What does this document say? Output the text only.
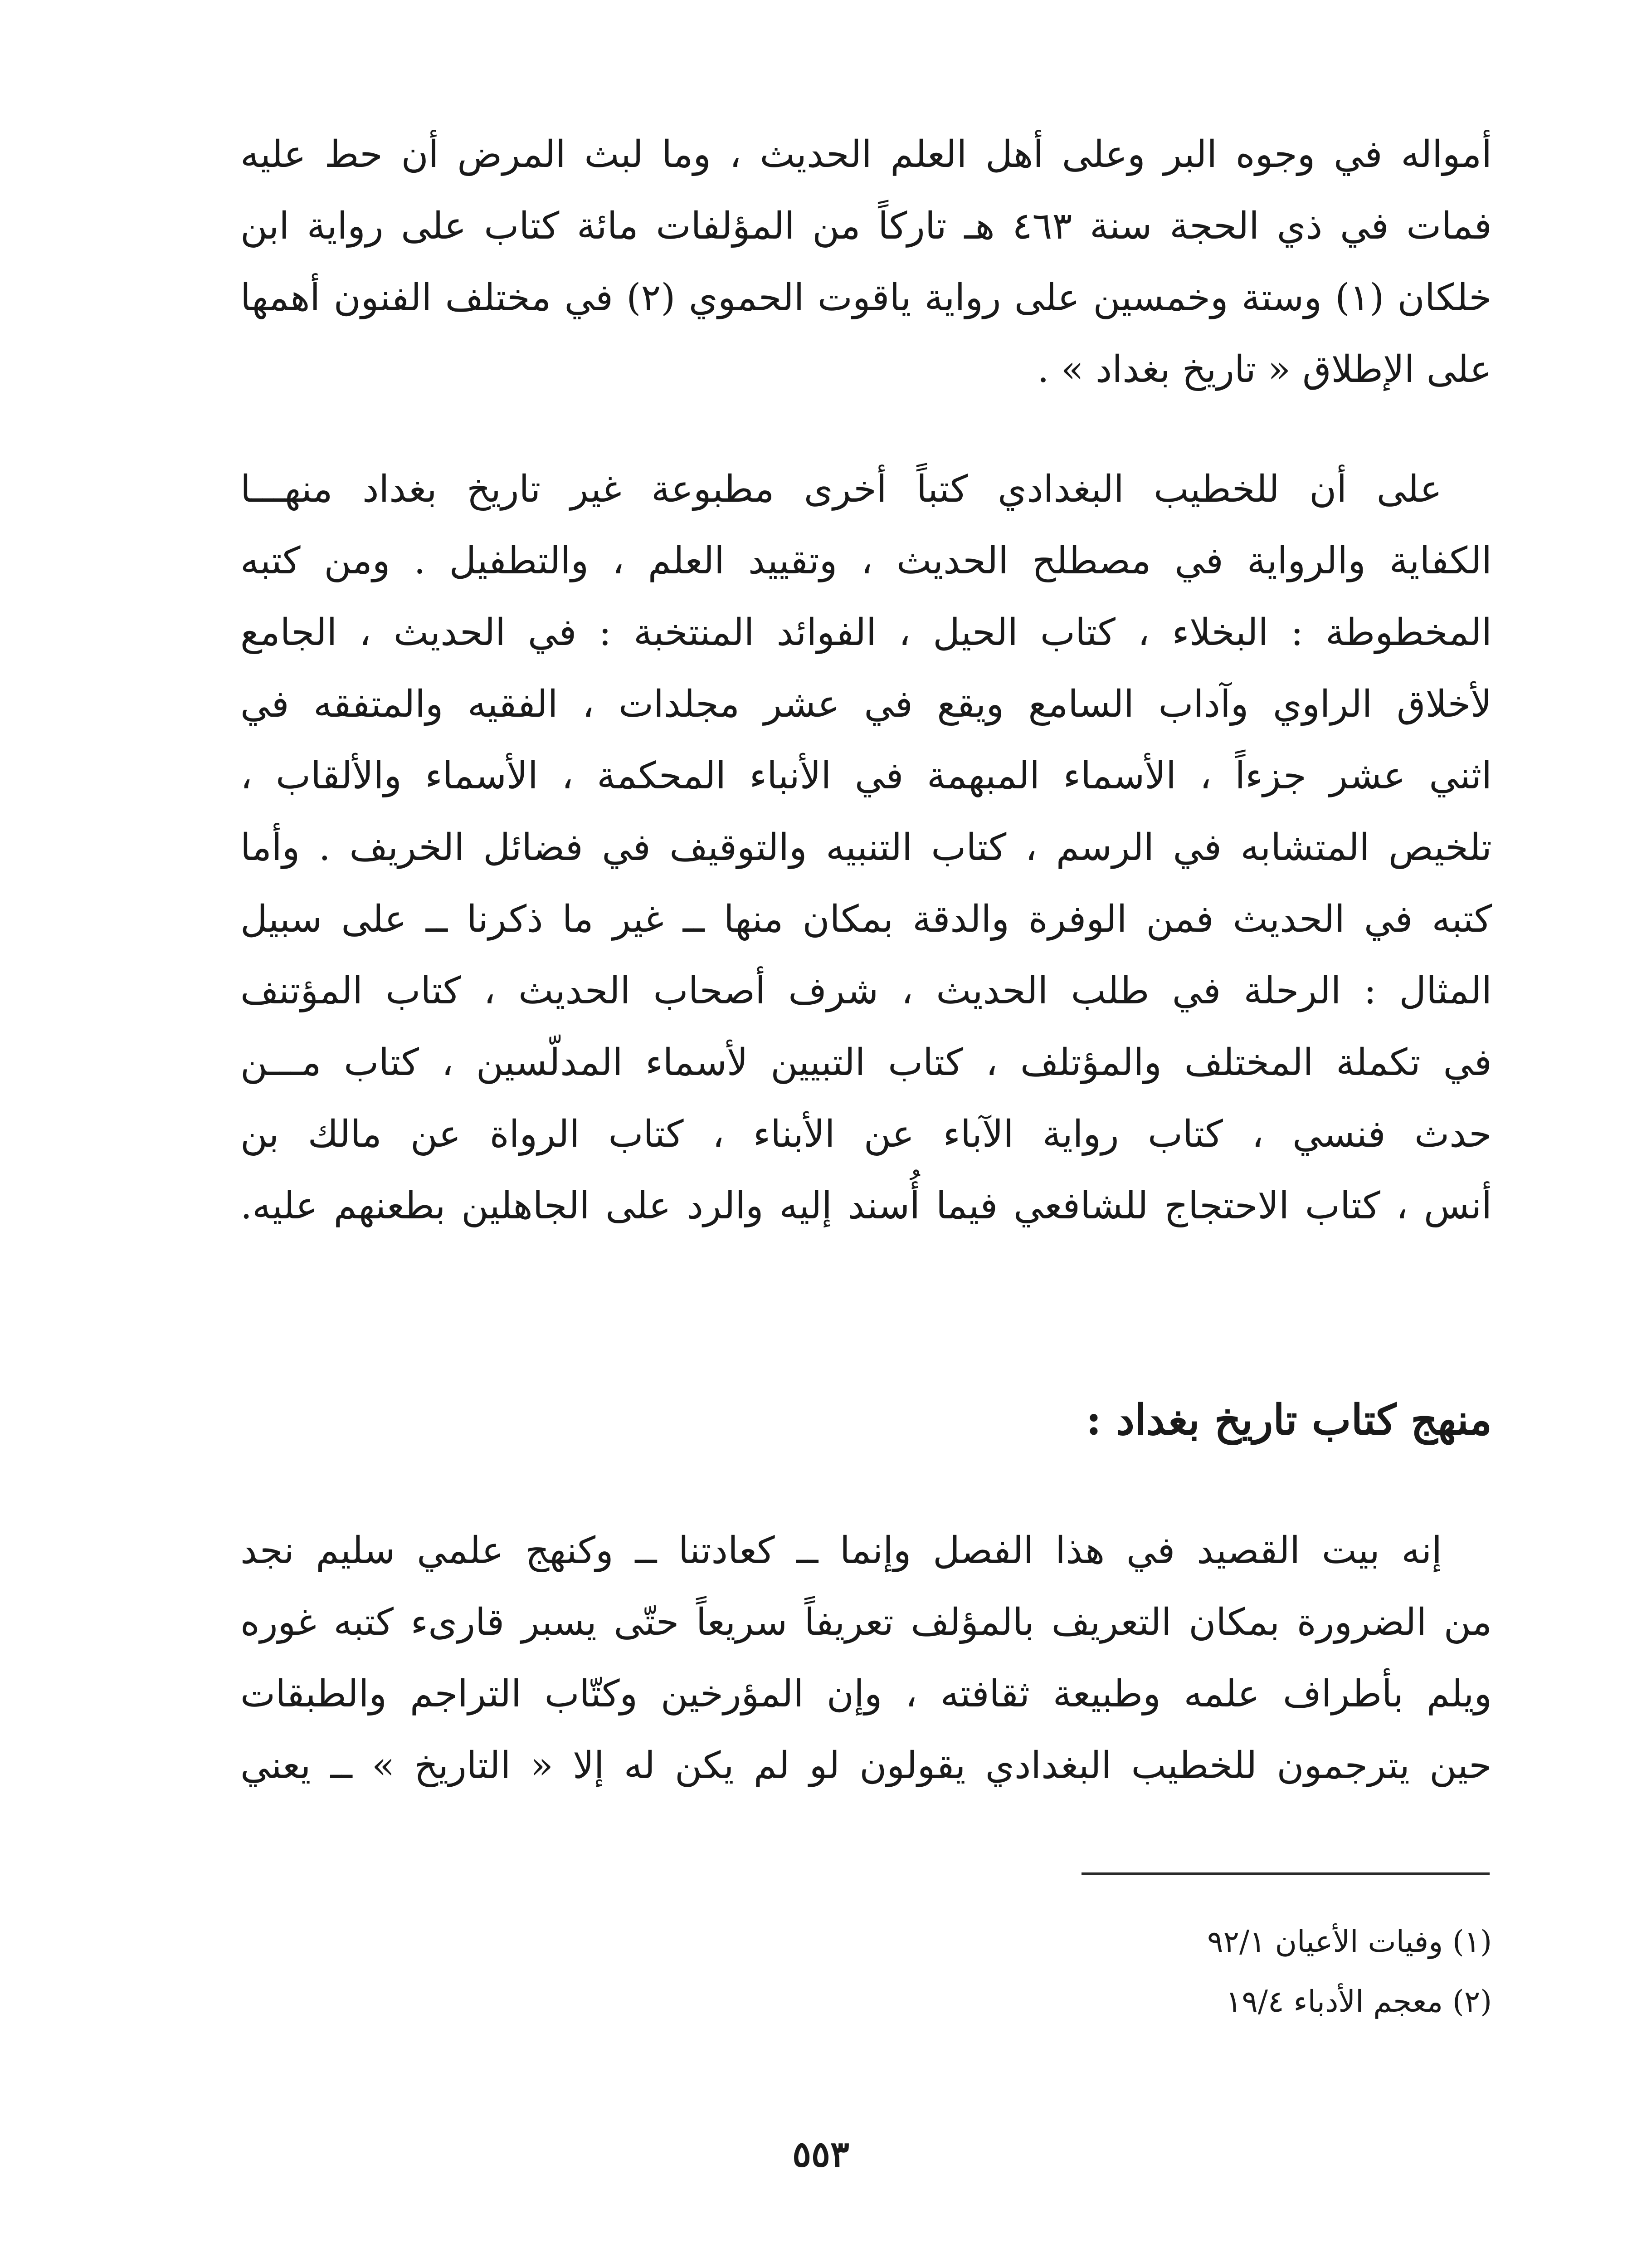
أمواله في وجوه البر وعلى أهل العلم الحديث ، وما لبث المرض أن حط عليه
فمات في ذي الحجة سنة ٤٦٣ هـ تاركاً من المؤلفات مائة كتاب على رواية ابن
خلكان (١) وستة وخمسين على رواية ياقوت الحموي (٢) في مختلف الفنون أهمها
على الإطلاق « تاريخ بغداد » .
على أن للخطيب البغدادي كتباً أخرى مطبوعة غير تاريخ بغداد منهـــا
الكفاية والرواية في مصطلح الحديث ، وتقييد العلم ، والتطفيل . ومن كتبه
المخطوطة : البخلاء ، كتاب الحيل ، الفوائد المنتخبة : في الحديث ، الجامع
لأخلاق الراوي وآداب السامع ويقع في عشر مجلدات ، الفقيه والمتفقه في
اثني عشر جزءاً ، الأسماء المبهمة في الأنباء المحكمة ، الأسماء والألقاب ،
تلخيص المتشابه في الرسم ، كتاب التنبيه والتوقيف في فضائل الخريف . وأما
كتبه في الحديث فمن الوفرة والدقة بمكان منها ــ غير ما ذكرنا ــ على سبيل
المثال : الرحلة في طلب الحديث ، شرف أصحاب الحديث ، كتاب المؤتنف
في تكملة المختلف والمؤتلف ، كتاب التبيين لأسماء المدلّسين ، كتاب مـــن
حدث فنسي ، كتاب رواية الآباء عن الأبناء ، كتاب الرواة عن مالك بن
أنس ، كتاب الاحتجاج للشافعي فيما أُسند إليه والرد على الجاهلين بطعنهم عليه.
منهج كتاب تاريخ بغداد :
إنه بيت القصيد في هذا الفصل وإنما ــ كعادتنا ــ وكنهج علمي سليم نجد
من الضرورة بمكان التعريف بالمؤلف تعريفاً سريعاً حتّى يسبر قارىء كتبه غوره
ويلم بأطراف علمه وطبيعة ثقافته ، وإن المؤرخين وكتّاب التراجم والطبقات
حين يترجمون للخطيب البغدادي يقولون لو لم يكن له إلا « التاريخ » ــ يعني
(١) وفيات الأعيان ٩٢/١
(٢) معجم الأدباء ١٩/٤
٥٥٣
